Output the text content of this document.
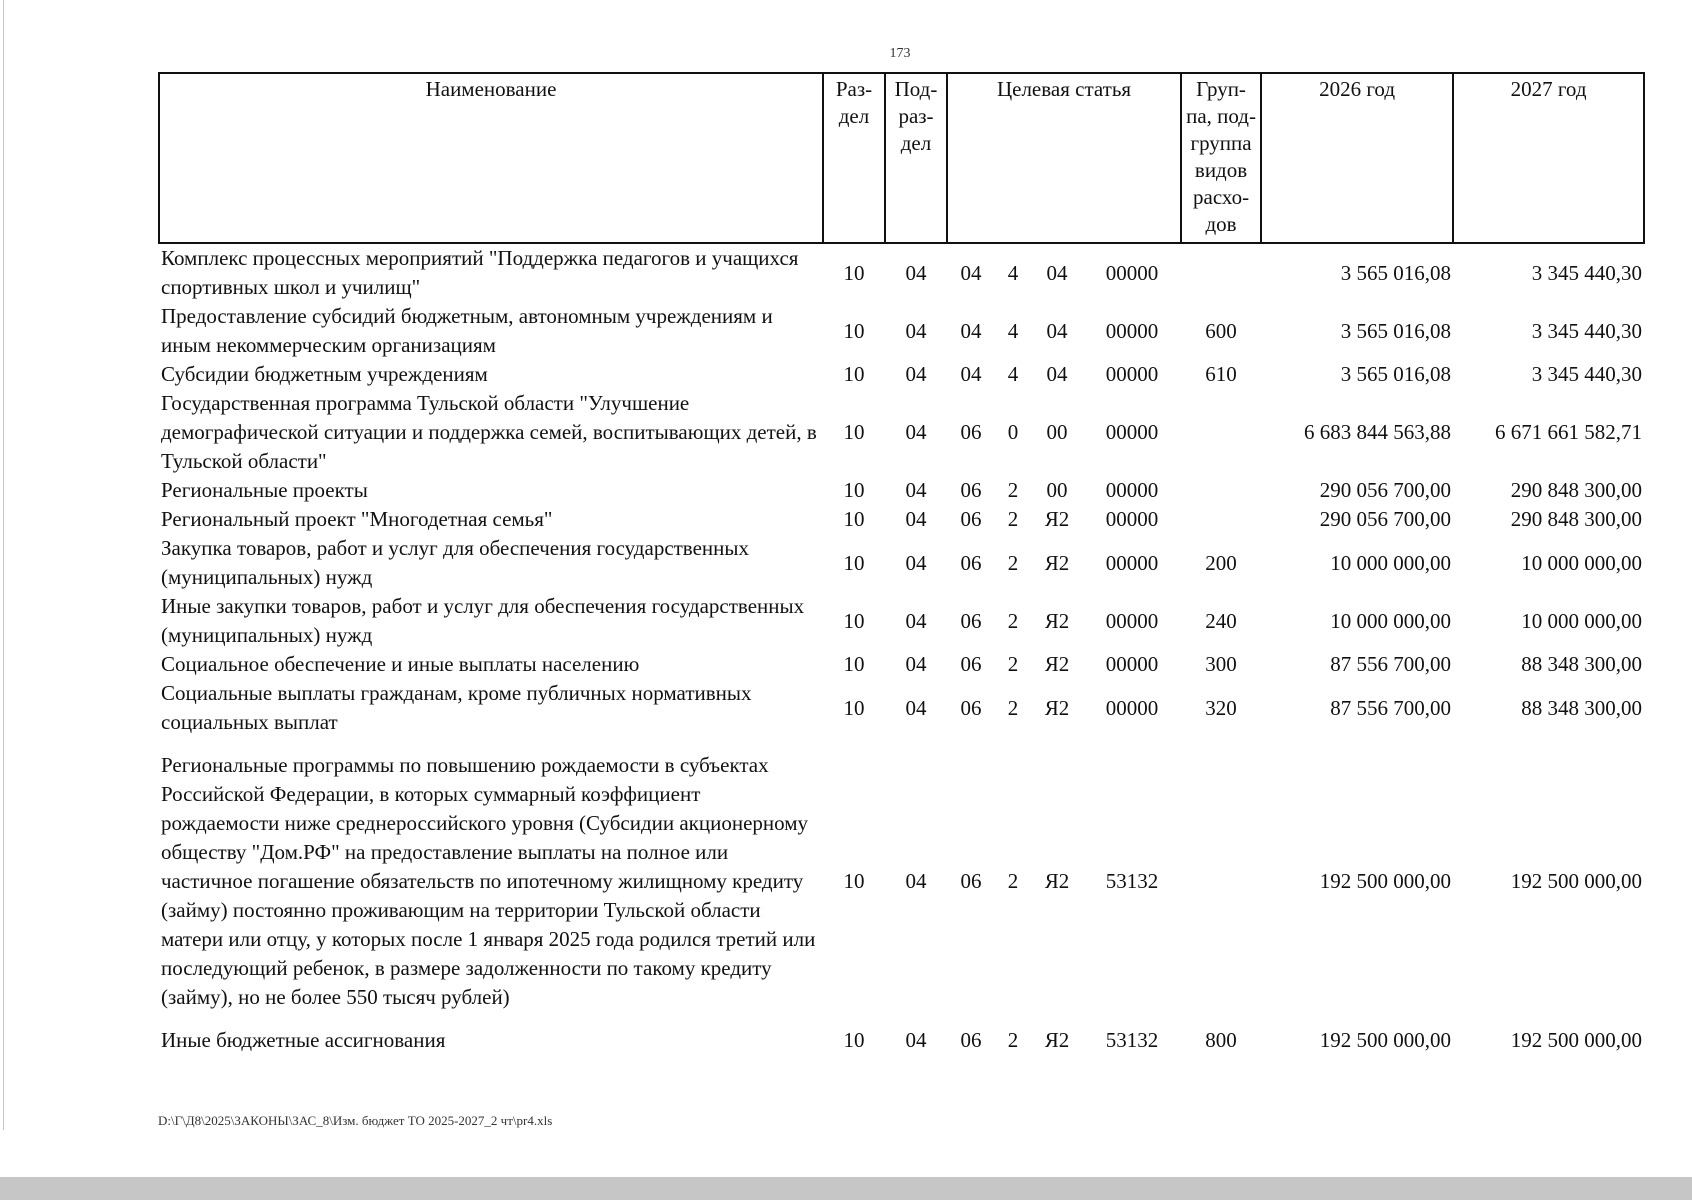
173
Наименование	Раз-дел	Под-раз-дел	Целевая статья				Груп-па, под-группа видов расхо-дов	2026 год	2027 год
Комплекс процессных мероприятий "Поддержка педагогов и учащихся спортивных школ и училищ"	10	04	04	4	04	00000		3 565 016,08	3 345 440,30
Предоставление субсидий бюджетным, автономным учреждениям и иным некоммерческим организациям	10	04	04	4	04	00000	600	3 565 016,08	3 345 440,30
Субсидии бюджетным учреждениям	10	04	04	4	04	00000	610	3 565 016,08	3 345 440,30
Государственная программа Тульской области "Улучшение демографической ситуации и поддержка семей, воспитывающих детей, в Тульской области"	10	04	06	0	00	00000		6 683 844 563,88	6 671 661 582,71
Региональные проекты	10	04	06	2	00	00000		290 056 700,00	290 848 300,00
Региональный проект "Многодетная семья"	10	04	06	2	Я2	00000		290 056 700,00	290 848 300,00
Закупка товаров, работ и услуг для обеспечения государственных (муниципальных) нужд	10	04	06	2	Я2	00000	200	10 000 000,00	10 000 000,00
Иные закупки товаров, работ и услуг для обеспечения государственных (муниципальных) нужд	10	04	06	2	Я2	00000	240	10 000 000,00	10 000 000,00
Социальное обеспечение и иные выплаты населению	10	04	06	2	Я2	00000	300	87 556 700,00	88 348 300,00
Социальные выплаты гражданам, кроме публичных нормативных социальных выплат	10	04	06	2	Я2	00000	320	87 556 700,00	88 348 300,00
Региональные программы по повышению рождаемости в субъектах Российской Федерации, в которых суммарный коэффициент рождаемости ниже среднероссийского уровня (Субсидии акционерному обществу "Дом.РФ" на предоставление выплаты на полное или частичное погашение обязательств по ипотечному жилищному кредиту (займу) постоянно проживающим на территории Тульской области матери или отцу, у которых после 1 января 2025 года родился третий или последующий ребенок, в размере задолженности по такому кредиту (займу), но не более 550 тысяч рублей)	10	04	06	2	Я2	53132		192 500 000,00	192 500 000,00
Иные бюджетные ассигнования	10	04	06	2	Я2	53132	800	192 500 000,00	192 500 000,00
D:\Г\Д8\2025\ЗАКОНЫ\ЗАС_8\Изм. бюджет ТО 2025-2027_2 чт\pr4.xls
